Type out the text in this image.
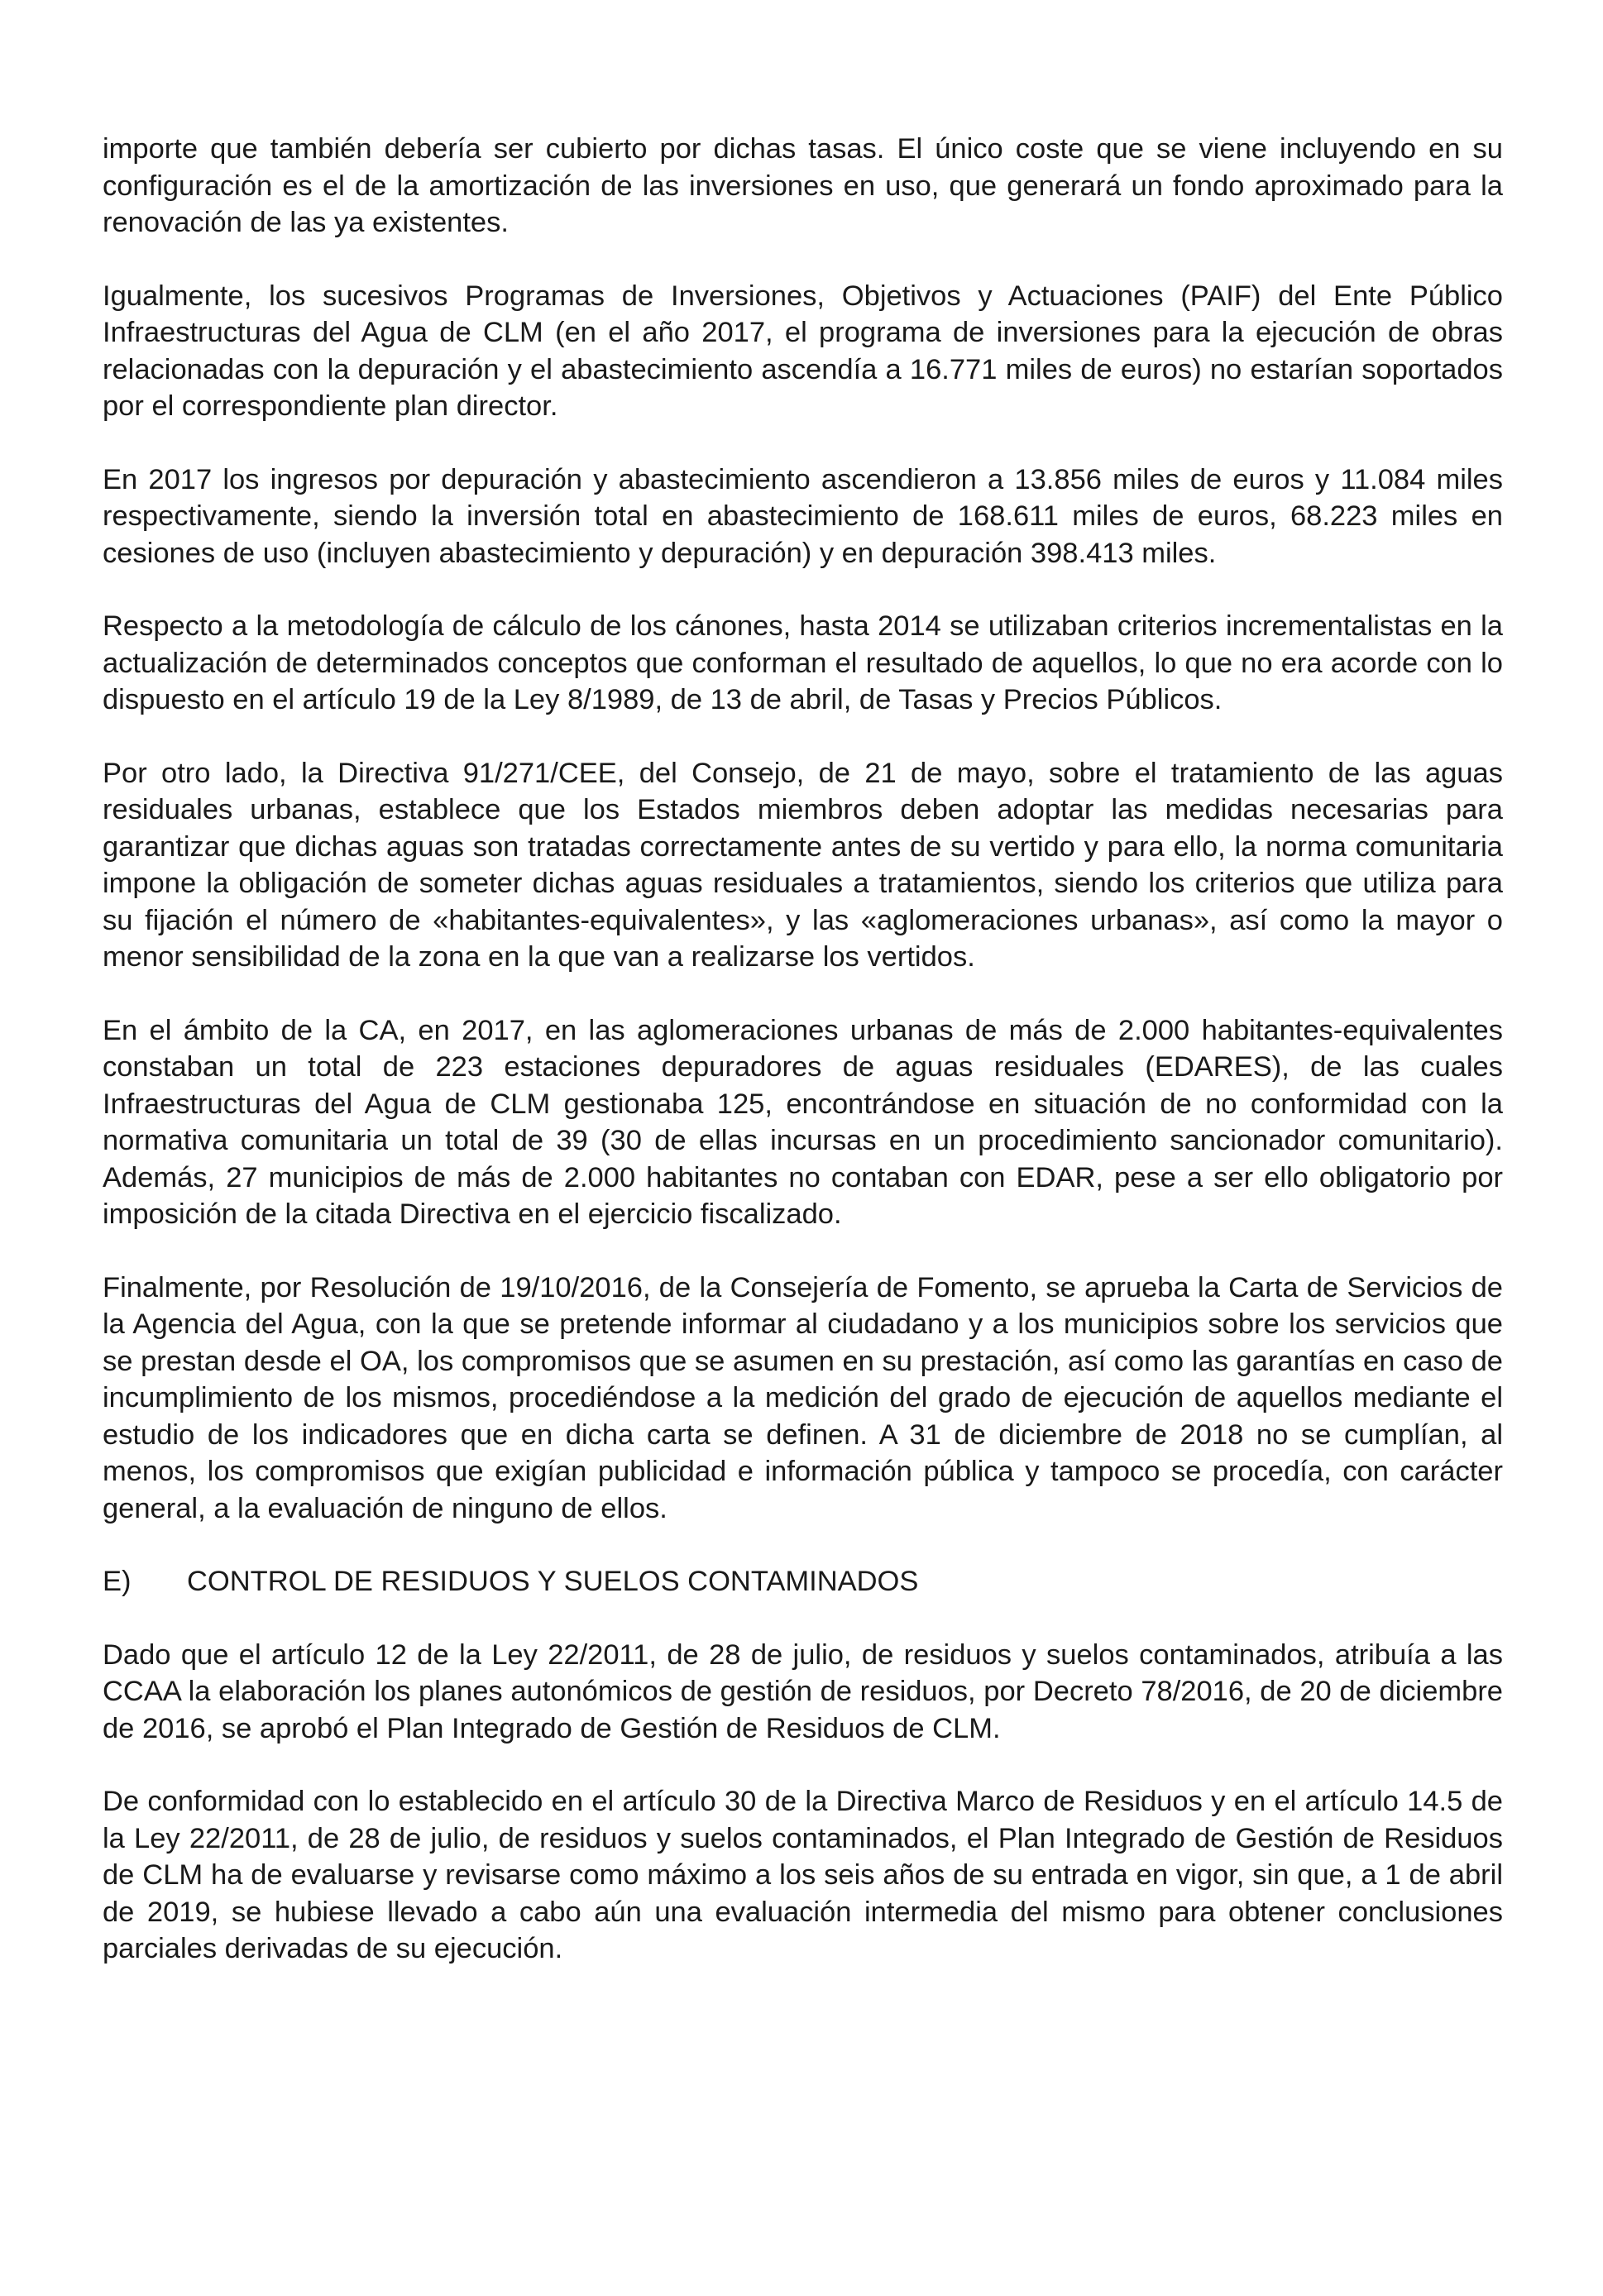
importe que también debería ser cubierto por dichas tasas. El único coste que se viene incluyendo en su configuración es el de la amortización de las inversiones en uso, que generará un fondo aproximado para la renovación de las ya existentes.

Igualmente, los sucesivos Programas de Inversiones, Objetivos y Actuaciones (PAIF) del Ente Público Infraestructuras del Agua de CLM (en el año 2017, el programa de inversiones para la ejecución de obras relacionadas con la depuración y el abastecimiento ascendía a 16.771 miles de euros) no estarían soportados por el correspondiente plan director.

En 2017 los ingresos por depuración y abastecimiento ascendieron a 13.856 miles de euros y 11.084 miles respectivamente, siendo la inversión total en abastecimiento de 168.611 miles de euros, 68.223 miles en cesiones de uso (incluyen abastecimiento y depuración) y en depuración 398.413 miles.

Respecto a la metodología de cálculo de los cánones, hasta 2014 se utilizaban criterios incrementalistas en la actualización de determinados conceptos que conforman el resultado de aquellos, lo que no era acorde con lo dispuesto en el artículo 19 de la Ley 8/1989, de 13 de abril, de Tasas y Precios Públicos.

Por otro lado, la Directiva 91/271/CEE, del Consejo, de 21 de mayo, sobre el tratamiento de las aguas residuales urbanas, establece que los Estados miembros deben adoptar las medidas necesarias para garantizar que dichas aguas son tratadas correctamente antes de su vertido y para ello, la norma comunitaria impone la obligación de someter dichas aguas residuales a tratamientos, siendo los criterios que utiliza para su fijación el número de «habitantes-equivalentes», y las «aglomeraciones urbanas», así como la mayor o menor sensibilidad de la zona en la que van a realizarse los vertidos.

En el ámbito de la CA, en 2017, en las aglomeraciones urbanas de más de 2.000 habitantes-equivalentes constaban un total de 223 estaciones depuradores de aguas residuales (EDARES), de las cuales Infraestructuras del Agua de CLM gestionaba 125, encontrándose en situación de no conformidad con la normativa comunitaria un total de 39 (30 de ellas incursas en un procedimiento sancionador comunitario). Además, 27 municipios de más de 2.000 habitantes no contaban con EDAR, pese a ser ello obligatorio por imposición de la citada Directiva en el ejercicio fiscalizado.

Finalmente, por Resolución de 19/10/2016, de la Consejería de Fomento, se aprueba la Carta de Servicios de la Agencia del Agua, con la que se pretende informar al ciudadano y a los municipios sobre los servicios que se prestan desde el OA, los compromisos que se asumen en su prestación, así como las garantías en caso de incumplimiento de los mismos, procediéndose a la medición del grado de ejecución de aquellos mediante el estudio de los indicadores que en dicha carta se definen. A 31 de diciembre de 2018 no se cumplían, al menos, los compromisos que exigían publicidad e información pública y tampoco se procedía, con carácter general, a la evaluación de ninguno de ellos.

E)	CONTROL DE RESIDUOS Y SUELOS CONTAMINADOS

Dado que el artículo 12 de la Ley 22/2011, de 28 de julio, de residuos y suelos contaminados, atribuía a las CCAA la elaboración los planes autonómicos de gestión de residuos, por Decreto 78/2016, de 20 de diciembre de 2016, se aprobó el Plan Integrado de Gestión de Residuos de CLM.

De conformidad con lo establecido en el artículo 30 de la Directiva Marco de Residuos y en el artículo 14.5 de la Ley 22/2011, de 28 de julio, de residuos y suelos contaminados, el Plan Integrado de Gestión de Residuos de CLM ha de evaluarse y revisarse como máximo a los seis años de su entrada en vigor, sin que, a 1 de abril de 2019, se hubiese llevado a cabo aún una evaluación intermedia del mismo para obtener conclusiones parciales derivadas de su ejecución.
